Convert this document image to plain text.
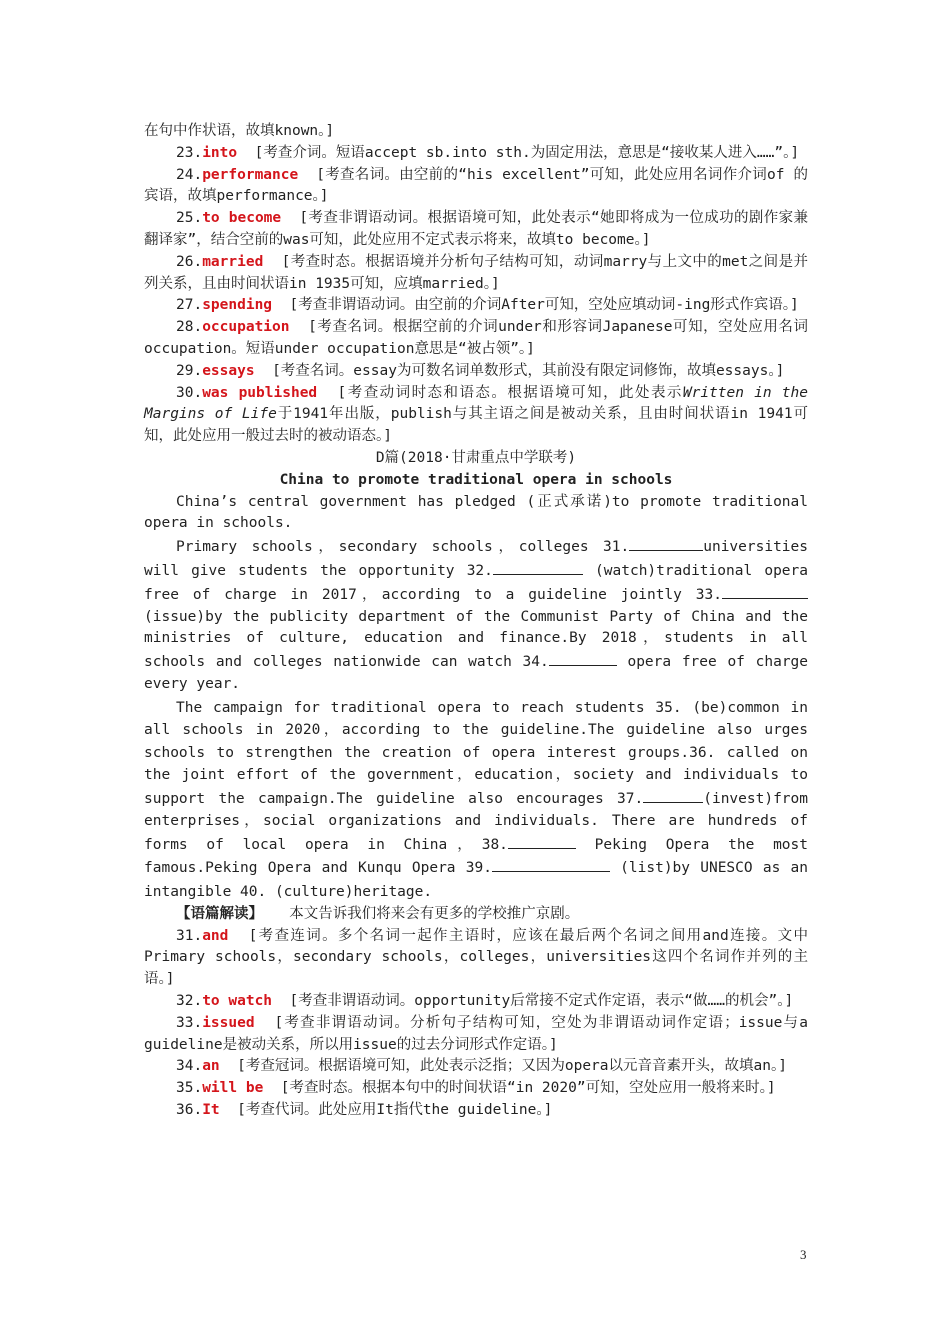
在句中作状语，故填known。]

23.into [考查介词。短语accept sb.into sth.为固定用法，意思是“接收某人进入……”。]

24.performance [考查名词。由空前的“his excellent”可知，此处应用名词作介词of 的宾语，故填performance。]

25.to become [考查非谓语动词。根据语境可知，此处表示“她即将成为一位成功的剧作家兼翻译家”，结合空前的was可知，此处应用不定式表示将来，故填to become。]

26.married [考查时态。根据语境并分析句子结构可知，动词marry与上文中的met之间是并列关系，且由时间状语in 1935可知，应填married。]

27.spending [考查非谓语动词。由空前的介词After可知，空处应填动词-ing形式作宾语。]

28.occupation [考查名词。根据空前的介词under和形容词Japanese可知，空处应用名词occupation。短语under occupation意思是“被占领”。]

29.essays [考查名词。essay为可数名词单数形式，其前没有限定词修饰，故填essays。]

30.was published [考查动词时态和语态。根据语境可知，此处表示Written in the Margins of Life于1941年出版，publish与其主语之间是被动关系，且由时间状语in 1941可知，此处应用一般过去时的被动语态。]

D篇(2018·甘肃重点中学联考)

China to promote traditional opera in schools

China’s central government has pledged (正式承诺)to promote traditional opera in schools.

Primary schools，secondary schools，colleges 31.	universities will give students the opportunity 32.	(watch)traditional opera free of charge in 2017，according to a guideline jointly 33. (issue)by the publicity department of the Communist Party of China and the ministries of culture, education and finance.By 2018，students in all schools and colleges nationwide can watch 34.	opera free of charge every year.

The campaign for traditional opera to reach students 35. (be)common in all schools in 2020，according to the guideline.The guideline also urges schools to strengthen the creation of opera interest groups.36. called on the joint effort of the government，education，society and individuals to support the campaign.The guideline also encourages 37.	(invest)from enterprises，social organizations and individuals. There are hundreds of forms of local opera in China，38.	Peking Opera the most famous.Peking Opera and Kunqu Opera 39.	(list)by UNESCO as an intangible 40. (culture)heritage.

【语篇解读】 本文告诉我们将来会有更多的学校推广京剧。

31.and [考查连词。多个名词一起作主语时，应该在最后两个名词之间用and连接。文中Primary schools，secondary schools，colleges，universities这四个名词作并列的主语。]

32.to watch [考查非谓语动词。opportunity后常接不定式作定语，表示“做……的机会”。]

33.issued [考查非谓语动词。分析句子结构可知，空处为非谓语动词作定语；issue与a guideline是被动关系，所以用issue的过去分词形式作定语。]

34.an [考查冠词。根据语境可知，此处表示泛指；又因为opera以元音音素开头，故填an。]

35.will be [考查时态。根据本句中的时间状语“in 2020”可知，空处应用一般将来时。]

36.It [考查代词。此处应用It指代the guideline。]

3
